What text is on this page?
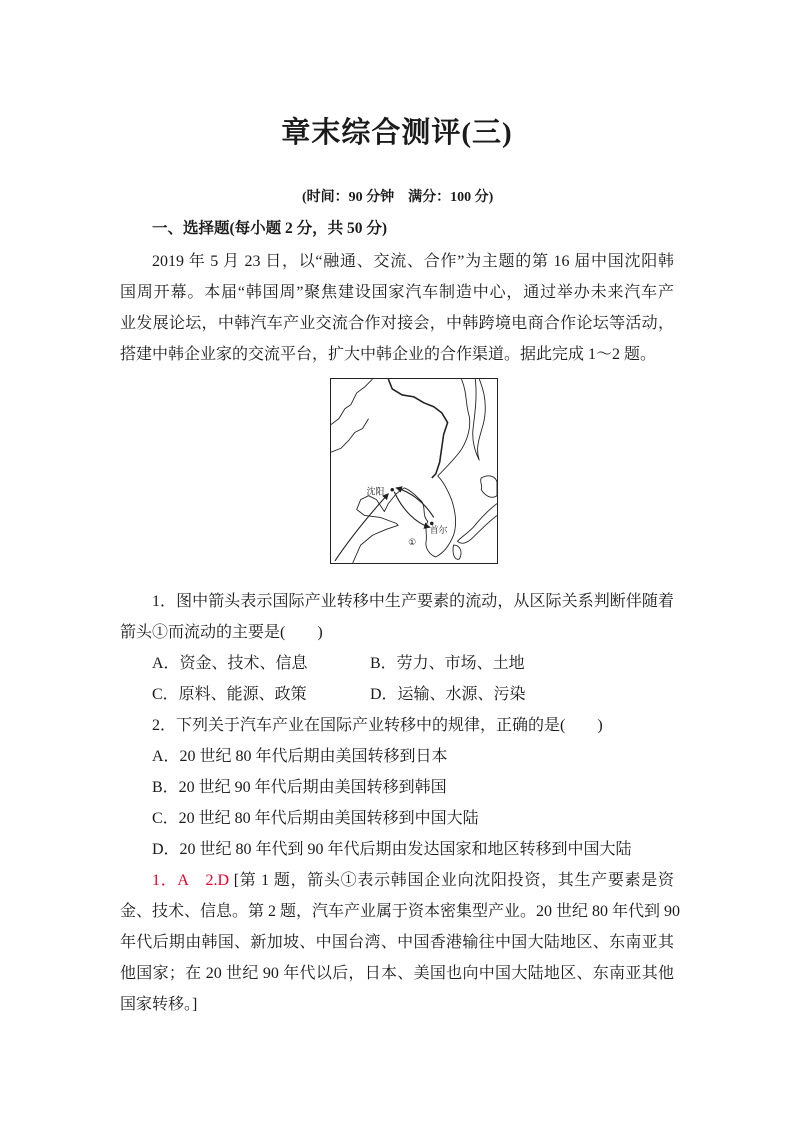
章末综合测评(三)
(时间：90 分钟　满分：100 分)
一、选择题(每小题 2 分，共 50 分)
2019 年 5 月 23 日，以“融通、交流、合作”为主题的第 16 届中国沈阳韩
国周开幕。本届“韩国周”聚焦建设国家汽车制造中心，通过举办未来汽车产
业发展论坛，中韩汽车产业交流合作对接会，中韩跨境电商合作论坛等活动，
搭建中韩企业家的交流平台，扩大中韩企业的合作渠道。据此完成 1～2 题。
沈阳
首尔
①
1．图中箭头表示国际产业转移中生产要素的流动，从区际关系判断伴随着
箭头①而流动的主要是(　　)
A．资金、技术、信息	B．劳力、市场、土地
C．原料、能源、政策	D．运输、水源、污染
2．下列关于汽车产业在国际产业转移中的规律，正确的是(　　)
A．20 世纪 80 年代后期由美国转移到日本
B．20 世纪 90 年代后期由美国转移到韩国
C．20 世纪 80 年代后期由美国转移到中国大陆
D．20 世纪 80 年代到 90 年代后期由发达国家和地区转移到中国大陆
1．A　2.D [第 1 题，箭头①表示韩国企业向沈阳投资，其生产要素是资
金、技术、信息。第 2 题，汽车产业属于资本密集型产业。20 世纪 80 年代到 90
年代后期由韩国、新加坡、中国台湾、中国香港输往中国大陆地区、东南亚其
他国家；在 20 世纪 90 年代以后，日本、美国也向中国大陆地区、东南亚其他
国家转移。]
